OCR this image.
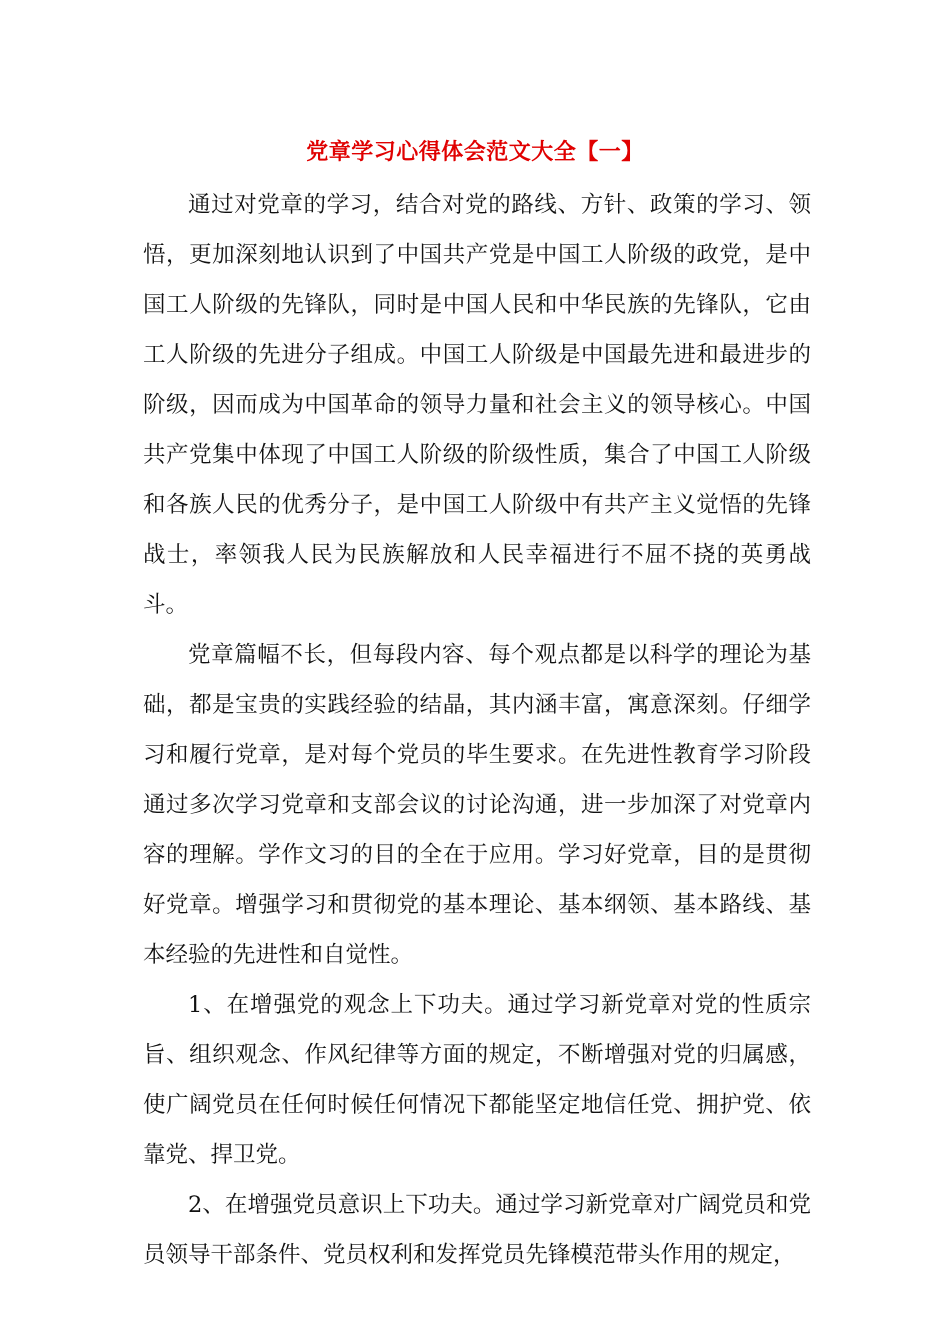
党章学习心得体会范文大全【一】

通过对党章的学习，结合对党的路线、方针、政策的学习、领悟，更加深刻地认识到了中国共产党是中国工人阶级的政党，是中国工人阶级的先锋队，同时是中国人民和中华民族的先锋队，它由工人阶级的先进分子组成。中国工人阶级是中国最先进和最进步的阶级，因而成为中国革命的领导力量和社会主义的领导核心。中国共产党集中体现了中国工人阶级的阶级性质，集合了中国工人阶级和各族人民的优秀分子，是中国工人阶级中有共产主义觉悟的先锋战士，率领我人民为民族解放和人民幸福进行不屈不挠的英勇战斗。

党章篇幅不长，但每段内容、每个观点都是以科学的理论为基础，都是宝贵的实践经验的结晶，其内涵丰富，寓意深刻。仔细学习和履行党章，是对每个党员的毕生要求。在先进性教育学习阶段通过多次学习党章和支部会议的讨论沟通，进一步加深了对党章内容的理解。学作文习的目的全在于应用。学习好党章，目的是贯彻好党章。增强学习和贯彻党的基本理论、基本纲领、基本路线、基本经验的先进性和自觉性。

1、在增强党的观念上下功夫。通过学习新党章对党的性质宗旨、组织观念、作风纪律等方面的规定，不断增强对党的归属感，使广阔党员在任何时候任何情况下都能坚定地信任党、拥护党、依靠党、捍卫党。

2、在增强党员意识上下功夫。通过学习新党章对广阔党员和党员领导干部条件、党员权利和发挥党员先锋模范带头作用的规定，
